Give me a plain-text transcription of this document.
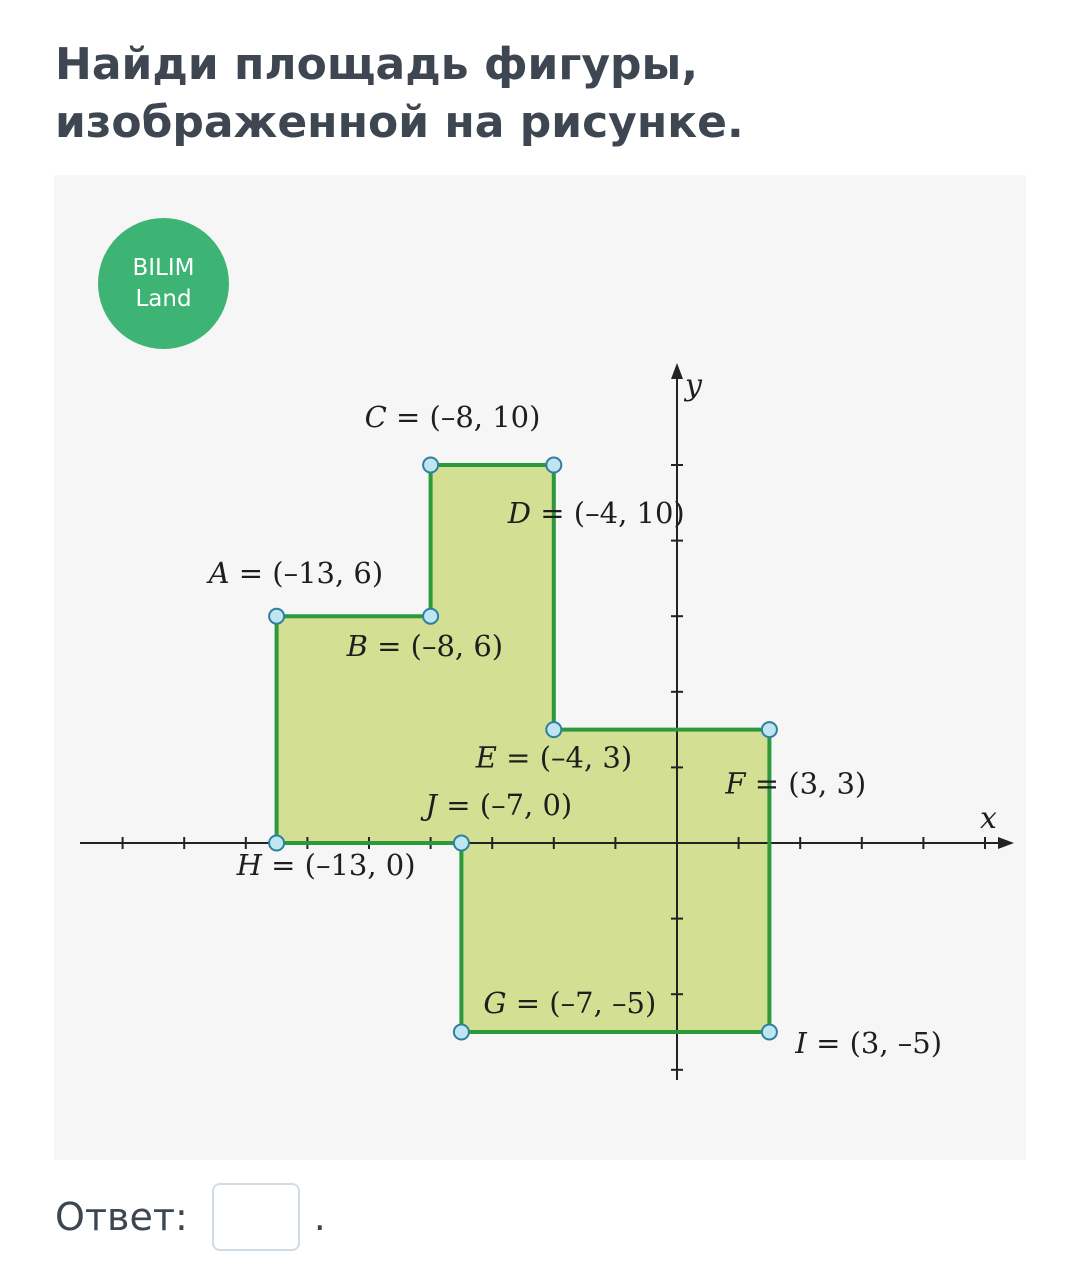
Найди площадь фигуры, изображенной на рисунке.
BILIM
Land
x
y
A = (–13, 6)
B = (–8, 6)
C = (–8, 10)
D = (–4, 10)
E = (–4, 3)
F = (3, 3)
G = (–7, –5)
H = (–13, 0)
I = (3, –5)
J = (–7, 0)
Ответ:	.
